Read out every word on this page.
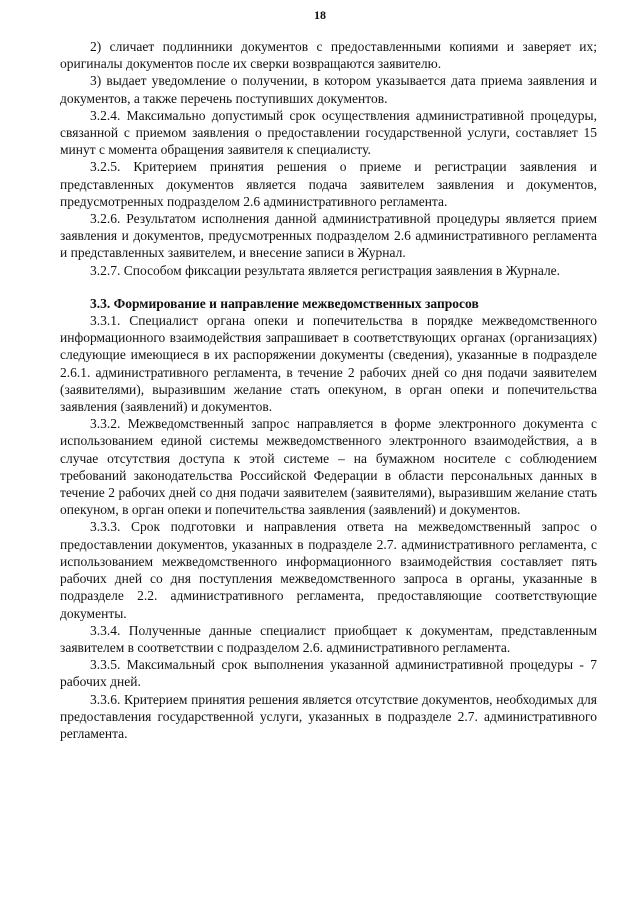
18

2) сличает подлинники документов с предоставленными копиями и заверяет их; оригиналы документов после их сверки возвращаются заявителю.

3) выдает уведомление о получении, в котором указывается дата приема заявления и документов, а также перечень поступивших документов.

3.2.4. Максимально допустимый срок осуществления административной процедуры, связанной с приемом заявления о предоставлении государственной услуги, составляет 15 минут с момента обращения заявителя к специалисту.

3.2.5. Критерием принятия решения о приеме и регистрации заявления и представленных документов является подача заявителем заявления и документов, предусмотренных подразделом 2.6 административного регламента.

3.2.6. Результатом исполнения данной административной процедуры является прием заявления и документов, предусмотренных подразделом 2.6 административного регламента и представленных заявителем, и внесение записи в Журнал.

3.2.7. Способом фиксации результата является регистрация заявления в Журнале.

3.3. Формирование и направление межведомственных запросов

3.3.1. Специалист органа опеки и попечительства в порядке межведомственного информационного взаимодействия запрашивает в соответствующих органах (организациях) следующие имеющиеся в их распоряжении документы (сведения), указанные в подразделе 2.6.1. административного регламента, в течение 2 рабочих дней со дня подачи заявителем (заявителями), выразившим желание стать опекуном, в орган опеки и попечительства заявления (заявлений) и документов.

3.3.2. Межведомственный запрос направляется в форме электронного документа с использованием единой системы межведомственного электронного взаимодействия, а в случае отсутствия доступа к этой системе – на бумажном носителе с соблюдением требований законодательства Российской Федерации в области персональных данных в течение 2 рабочих дней со дня подачи заявителем (заявителями), выразившим желание стать опекуном, в орган опеки и попечительства заявления (заявлений) и документов.

3.3.3. Срок подготовки и направления ответа на межведомственный запрос о предоставлении документов, указанных в подразделе 2.7. административного регламента, с использованием межведомственного информационного взаимодействия составляет пять рабочих дней со дня поступления межведомственного запроса в органы, указанные в подразделе 2.2. административного регламента, предоставляющие соответствующие документы.

3.3.4. Полученные данные специалист приобщает к документам, представленным заявителем в соответствии с подразделом 2.6. административного регламента.

3.3.5. Максимальный срок выполнения указанной административной процедуры - 7 рабочих дней.

3.3.6. Критерием принятия решения является отсутствие документов, необходимых для предоставления государственной услуги, указанных в подразделе 2.7. административного регламента.
